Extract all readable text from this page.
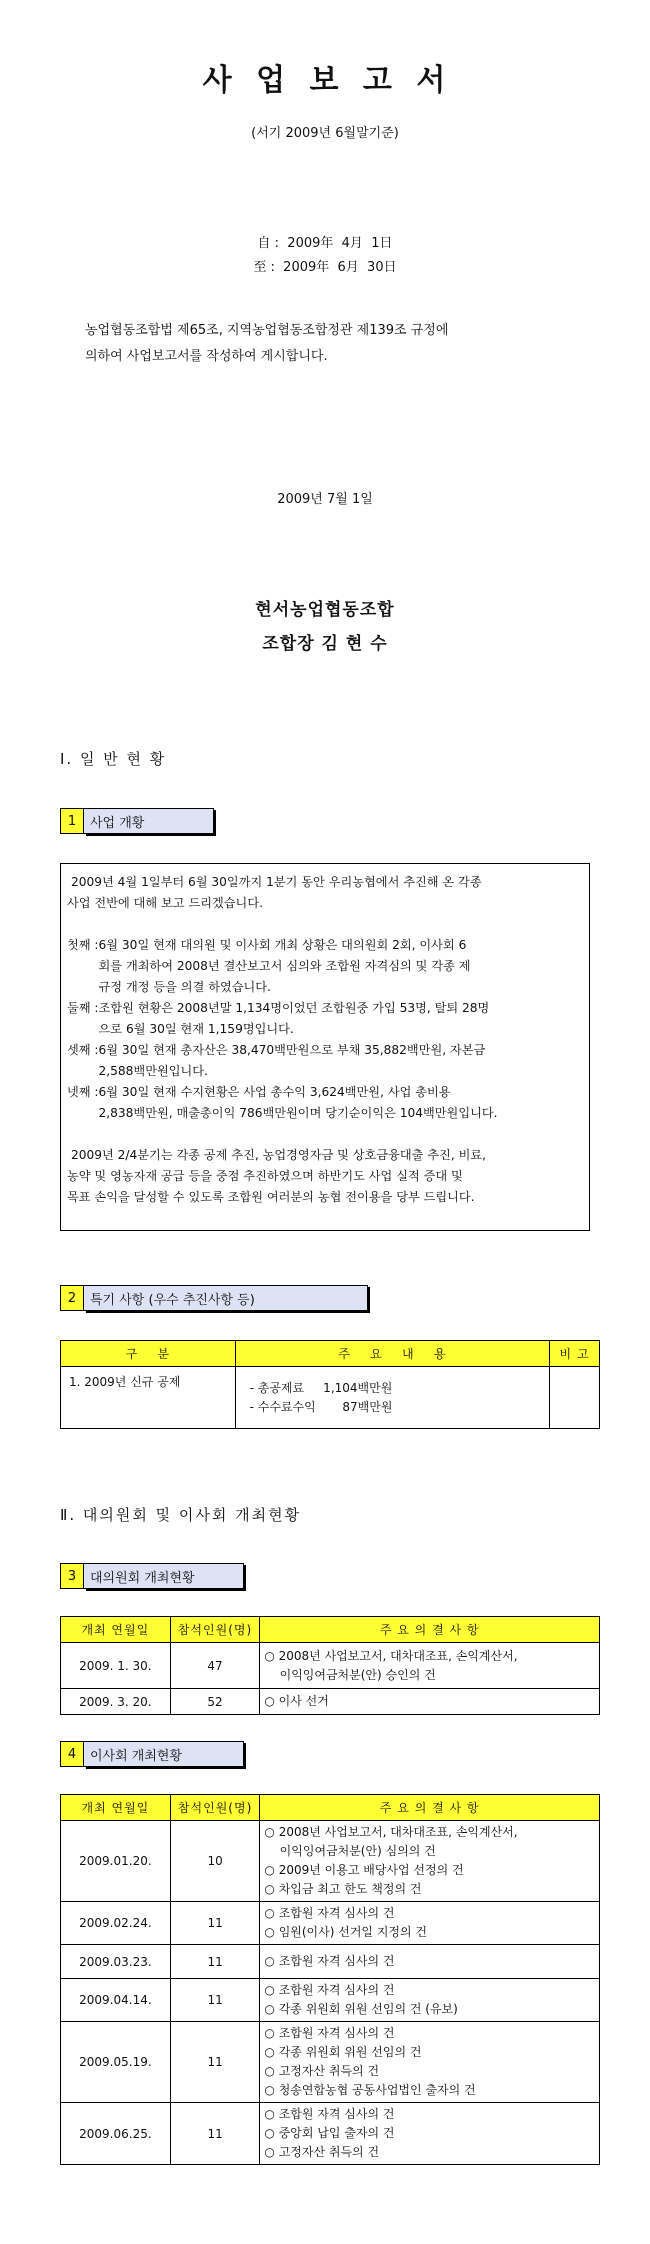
사 업 보 고 서
(서기 2009년 6월말기준)
自 :  2009年  4月  1日
至 :  2009年  6月  30日
농업협동조합법 제65조, 지역농업협동조합정관 제139조 규정에
의하여 사업보고서를 작성하여 게시합니다.
2009년 7월 1일
현서농업협동조합
조합장 김 현 수
Ⅰ. 일 반 현 황
1	사업 개황

2009년 4월 1일부터 6월 30일까지 1분기 동안 우리농협에서 추진해 온 각종

사업 전반에 대해 보고 드리겠습니다.

첫째 : 6월 30일 현재 대의원 및 이사회 개최 상황은 대의원회 2회, 이사회 6
회를 개최하여 2008년 결산보고서 심의와 조합원 자격심의 및 각종 제
규정 개정 등을 의결 하였습니다.
둘째 : 조합원 현황은 2008년말 1,134명이었던 조합원중 가입 53명, 탈퇴 28명
으로 6월 30일 현재 1,159명입니다.
셋째 : 6월 30일 현재 총자산은 38,470백만원으로 부채 35,882백만원, 자본금
2,588백만원입니다.
넷째 : 6월 30일 현재 수지현황은 사업 총수익 3,624백만원, 사업 총비용
2,838백만원, 매출총이익 786백만원이며 당기순이익은 104백만원입니다.

2009년 2/4분기는 각종 공제 추진, 농업경영자금 및 상호금융대출 추진, 비료,

농약 및 영농자재 공급 등을 중점 추진하였으며 하반기도 사업 실적 증대 및

목표 손익을 달성할 수 있도록 조합원 여러분의 농협 전이용을 당부 드립니다.

2	특기 사항 (우수 추진사항 등)
구    분	주    요    내    용	비 고
1. 2009년 신규 공제	- 총공제료     1,104백만원
- 수수료수익       87백만원	

Ⅱ. 대의원회 및 이사회 개최현황
3	대의원회 개최현황
개최 연월일	참석인원(명)	주 요 의 결 사 항
2009. 1. 30.	47	○ 2008년 사업보고서, 대차대조표, 손익계산서,
이익잉여금처분(안) 승인의 건

2009. 3. 20.	52	○ 이사 선거
4	이사회 개최현황
개최 연월일	참석인원(명)	주 요 의 결 사 항
2009.01.20.	10	○ 2008년 사업보고서, 대차대조표, 손익계산서,
이익잉여금처분(안) 심의의 건
○ 2009년 이용고 배당사업 선정의 건
○ 차입금 최고 한도 책정의 건

2009.02.24.	11	○ 조합원 자격 심사의 건
○ 임원(이사) 선거일 지정의 건

2009.03.23.	11	○ 조합원 자격 심사의 건

2009.04.14.	11	○ 조합원 자격 심사의 건
○ 각종 위원회 위원 선임의 건 (유보)

2009.05.19.	11	○ 조합원 자격 심사의 건
○ 각종 위원회 위원 선임의 건
○ 고정자산 취득의 건
○ 청송연합농협 공동사업법인 출자의 건

2009.06.25.	11	○ 조합원 자격 심사의 건
○ 중앙회 납입 출자의 건
○ 고정자산 취득의 건
